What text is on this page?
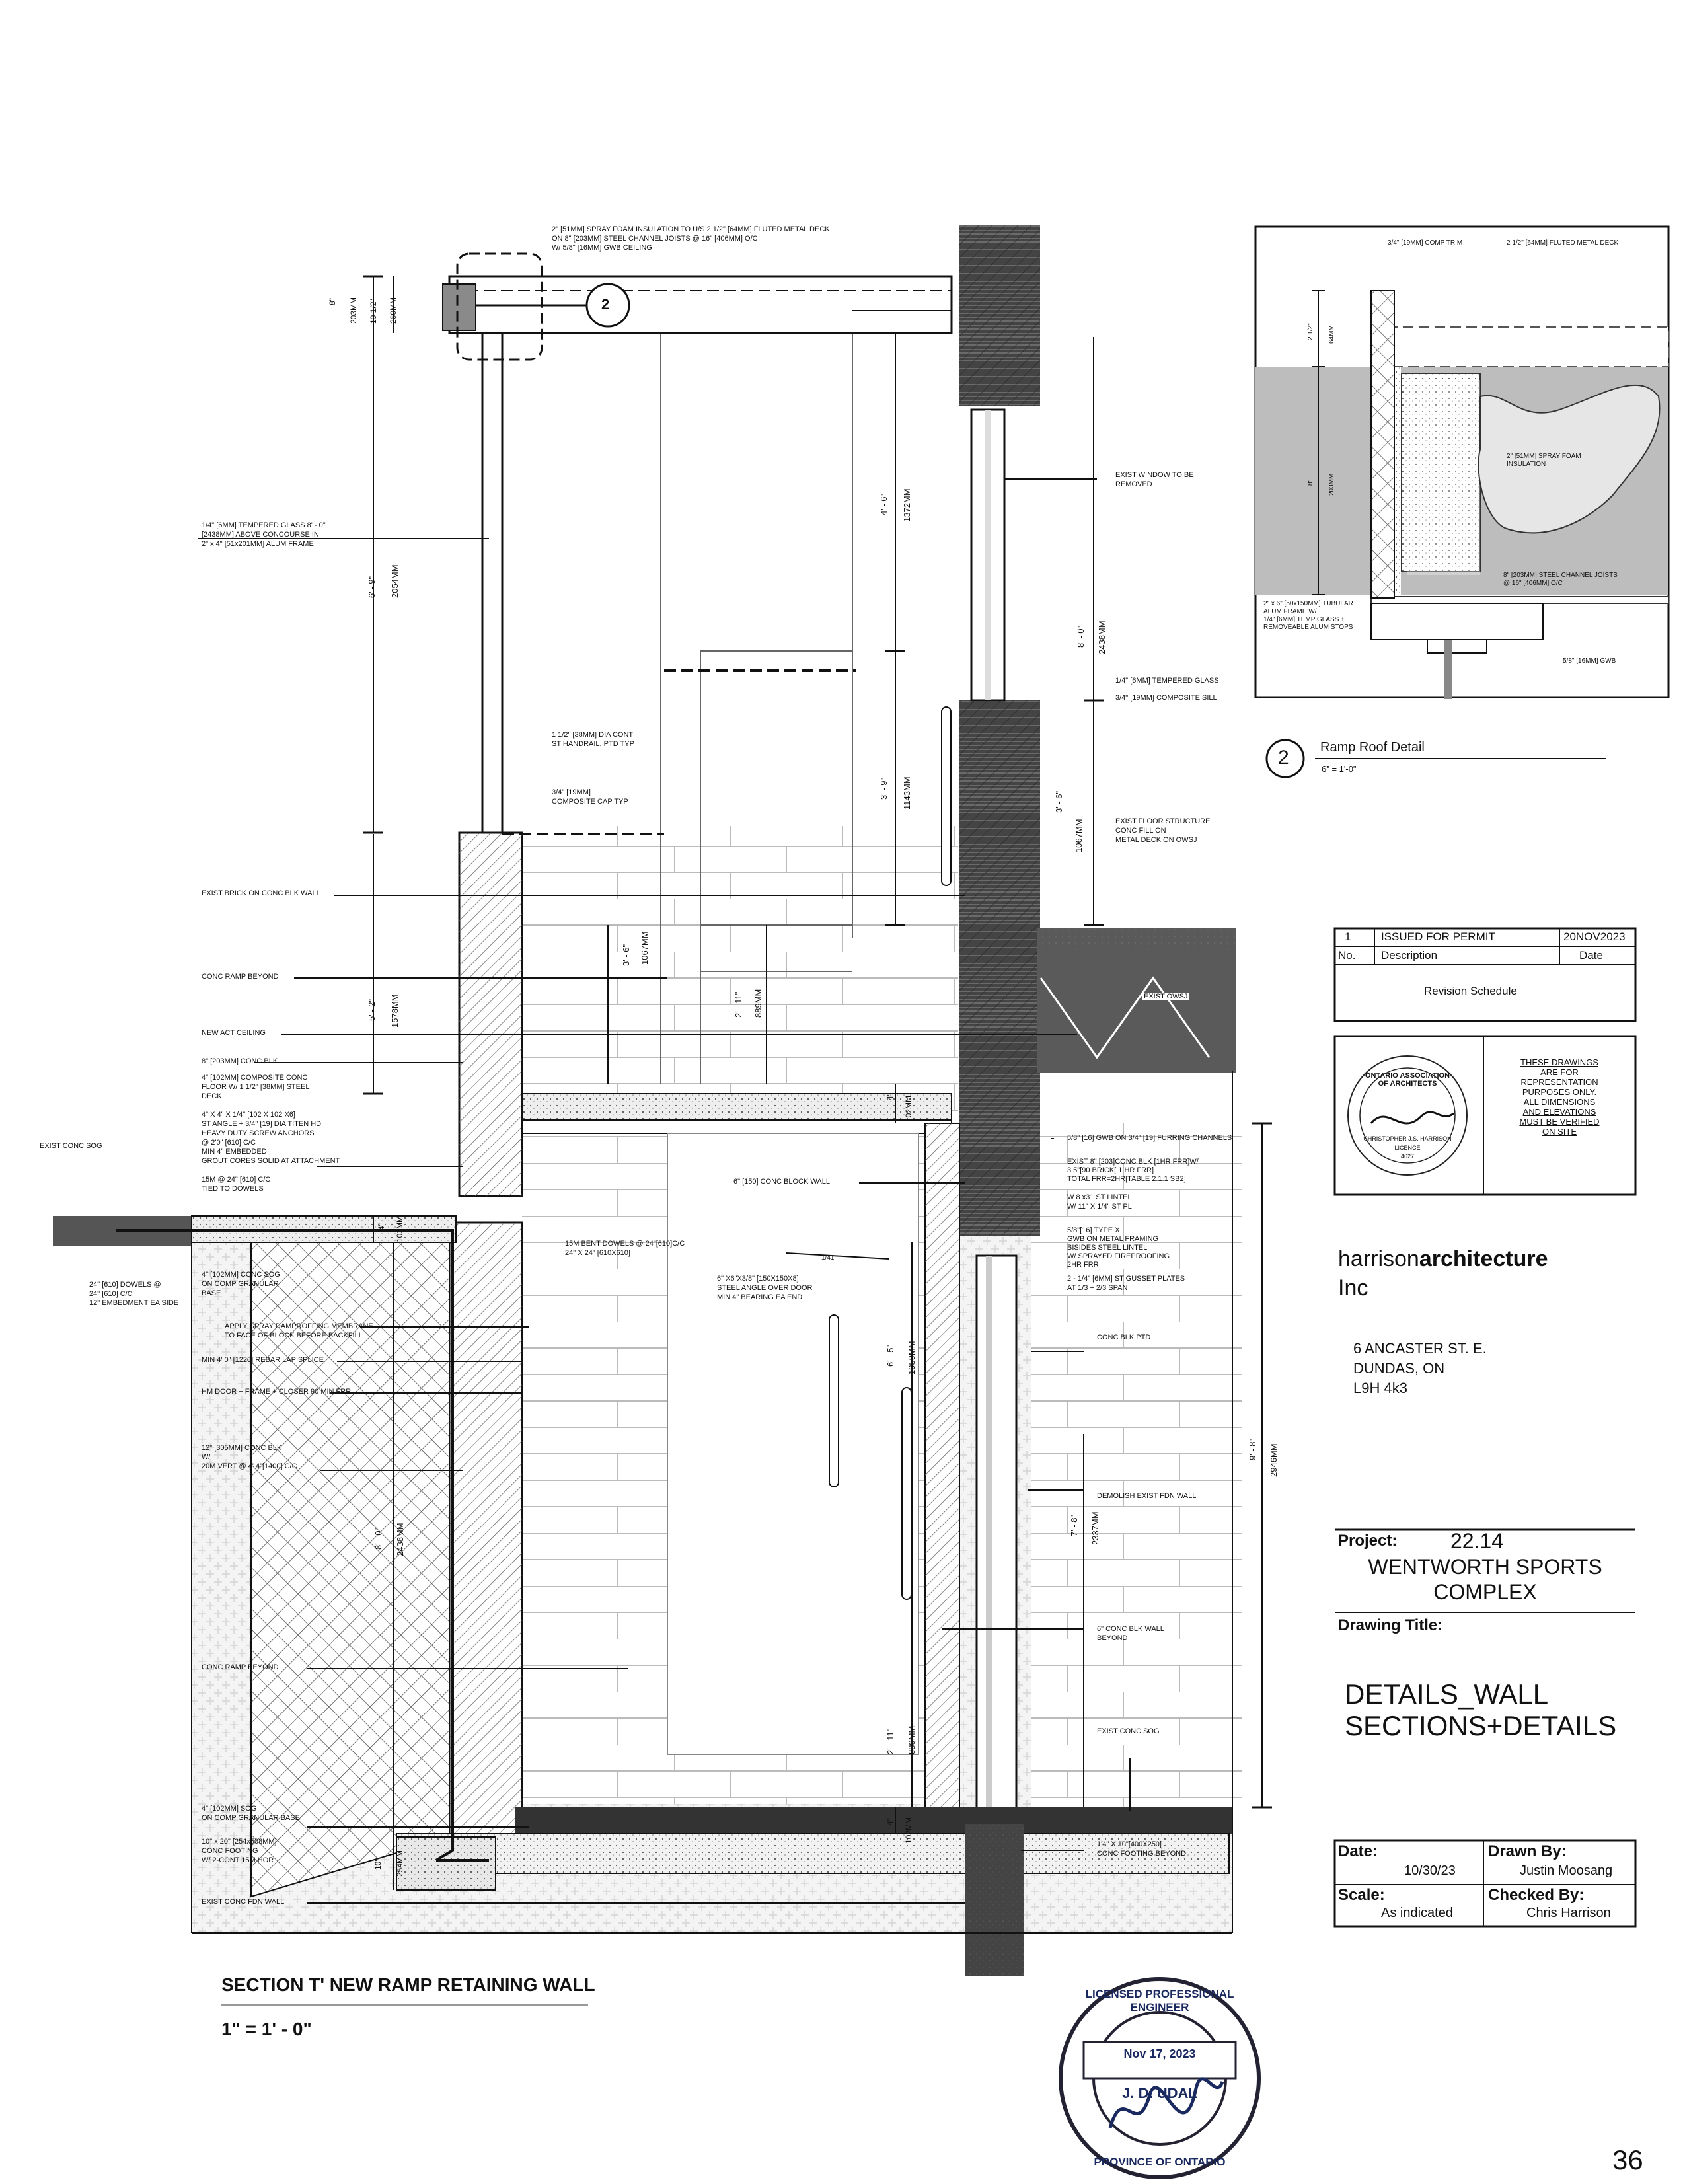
2" [51MM] SPRAY FOAM INSULATION TO U/S 2 1/2" [64MM] FLUTED METAL DECK
ON 8" [203MM] STEEL CHANNEL JOISTS @ 16" [406MM] O/C
W/ 5/8" [16MM] GWB CEILING
1/4" [6MM] TEMPERED GLASS 8' - 0"
[2438MM] ABOVE CONCOURSE IN
2" x 4" [51x201MM] ALUM FRAME
EXIST BRICK ON CONC BLK WALL
CONC RAMP BEYOND
NEW ACT CEILING
8" [203MM] CONC BLK
4" [102MM] COMPOSITE CONC
FLOOR W/ 1 1/2" [38MM] STEEL
DECK
4" X 4" X 1/4" [102 X 102 X6]
ST ANGLE + 3/4" [19] DIA TITEN HD
HEAVY DUTY SCREW ANCHORS
@ 2'0" [610] C/C
MIN 4" EMBEDDED
GROUT CORES SOLID AT ATTACHMENT
EXIST CONC SOG
15M @ 24" [610] C/C
TIED TO DOWELS
24" [610] DOWELS @
24" [610] C/C
12" EMBEDMENT EA SIDE
4" [102MM] CONC SOG
ON COMP GRANULAR
BASE
APPLY SPRAY DAMPROFFING MEMBRANE
TO FACE OF BLOCK BEFORE BACKFILL
MIN 4' 0" [1220] REBAR LAP SPLICE
HM DOOR + FRAME + CLOSER 90 MIN FRR
12" [305MM] CONC BLK
W/
20M VERT @ 4' 4"[1400] C/C
CONC RAMP BEYOND
4" [102MM] SOG
ON COMP GRANULAR BASE
10" x 20" [254x508MM]
CONC FOOTING
W/ 2-CONT 15M HOR
EXIST CONC FDN WALL
1 1/2" [38MM] DIA CONT
ST HANDRAIL, PTD TYP
3/4" [19MM]
COMPOSITE CAP TYP
6" [150] CONC BLOCK WALL
15M BENT DOWELS @ 24"[610]C/C
24" X 24" [610X610]
6" X6"X3/8" [150X150X8]
STEEL ANGLE OVER DOOR
MIN 4" BEARING EA END
1/41
EXIST WINDOW TO BE
REMOVED
1/4" [6MM] TEMPERED GLASS
3/4" [19MM] COMPOSITE SILL
EXIST FLOOR STRUCTURE
CONC FILL ON
METAL DECK ON OWSJ
EXIST OWSJ
5/8" [16] GWB ON 3/4" [19] FURRING CHANNELS
EXIST 8" [203]CONC BLK [1HR FRR]W/
3.5"[90 BRICK[ 1 HR FRR]
TOTAL FRR=2HR[TABLE 2.1.1 SB2]
W 8 x31 ST LINTEL
W/ 11" X 1/4" ST PL
5/8"[16] TYPE X
GWB ON METAL FRAMING
BISIDES STEEL LINTEL
W/ SPRAYED FIREPROOFING
2HR FRR
2 - 1/4" [6MM] ST GUSSET PLATES
AT 1/3 + 2/3 SPAN
CONC BLK PTD
DEMOLISH EXIST FDN WALL
6" CONC BLK WALL
BEYOND
EXIST CONC SOG
1'4" X 10"[400X250]
CONC FOOTING BEYOND
8" 203MM 10 1/2" 260MM
6' - 9" 2054MM
4' - 6" 1372MM
8' - 0" 2438MM
3' - 9" 1143MM	3' - 6"
1067MM
3' - 6" 1067MM
2' - 11" 889MM
5' - 2" 1578MM
4" 102MM
4" 102MM
6' - 5" 1959MM
8' - 0" 2438MM
9' - 8" 2946MM
7' - 8" 2337MM
2' - 11" 889MM
4" 102MM
10" 254MM
2
3/4" [19MM] COMP TRIM	2 1/2" [64MM] FLUTED METAL DECK
2" [51MM] SPRAY FOAM
INSULATION
8" [203MM] STEEL CHANNEL JOISTS
@ 16" [406MM] O/C
2" x 6" [50x150MM] TUBULAR
ALUM FRAME W/
1/4" [6MM] TEMP GLASS +
REMOVEABLE ALUM STOPS
5/8" [16MM] GWB
2 1/2" 64MM
8" 203MM
2 Ramp Roof Detail
6" = 1'-0"
1	ISSUED FOR PERMIT	20NOV2023
No. Description	Date
Revision Schedule
THESE DRAWINGS
ARE FOR
REPRESENTATION
PURPOSES ONLY.
ALL DIMENSIONS
AND ELEVATIONS
MUST BE VERIFIED
ON SITE
ONTARIO ASSOCIATION OF ARCHITECTS
CHRISTOPHER J.S. HARRISON
LICENCE
4627
harrisonarchitecture
Inc
6 ANCASTER ST. E.
DUNDAS, ON
L9H 4k3
Project:	22.14
WENTWORTH SPORTS
COMPLEX
Drawing Title:
DETAILS_WALL
SECTIONS+DETAILS
Date:
10/30/23
Drawn By:
Justin Moosang
Scale:
As indicated
Checked By:
Chris Harrison
SECTION T' NEW RAMP RETAINING WALL
1" = 1' - 0"
LICENSED PROFESSIONAL ENGINEER
Nov 17, 2023
J. D. UDAL
PROVINCE OF ONTARIO	36
